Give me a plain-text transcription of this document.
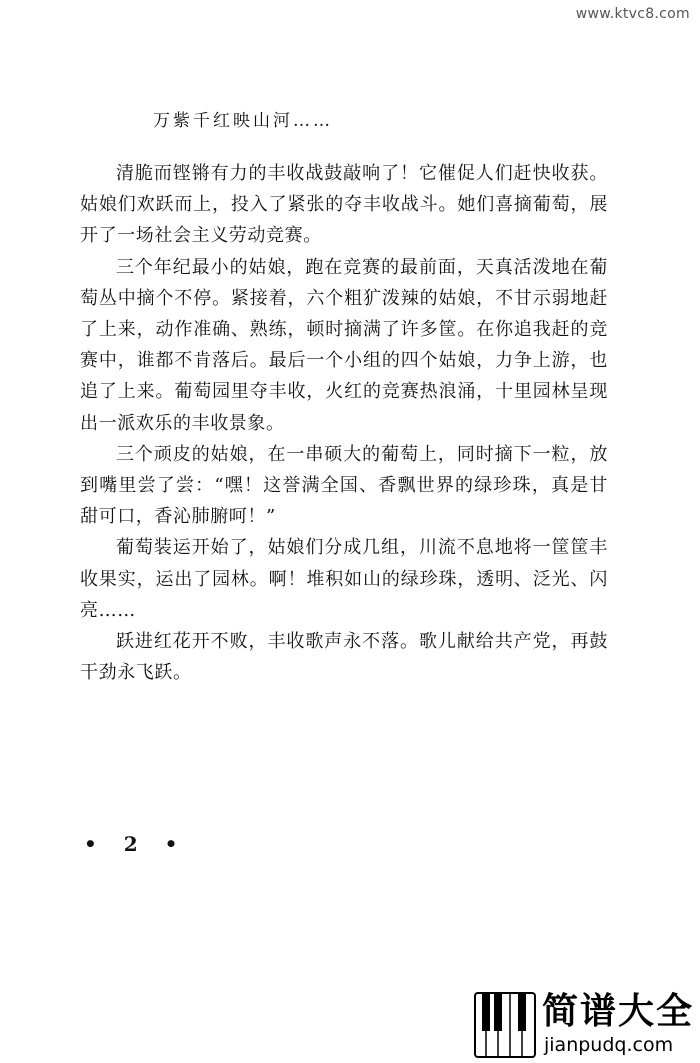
www.ktvc8.com
万紫千红映山河……

清脆而铿锵有力的丰收战鼓敲响了！它催促人们赶快收获。姑娘们欢跃而上，投入了紧张的夺丰收战斗。她们喜摘葡萄，展开了一场社会主义劳动竞赛。

三个年纪最小的姑娘，跑在竞赛的最前面，天真活泼地在葡萄丛中摘个不停。紧接着，六个粗犷泼辣的姑娘，不甘示弱地赶了上来，动作准确、熟练，顿时摘满了许多筐。在你追我赶的竞赛中，谁都不肯落后。最后一个小组的四个姑娘，力争上游，也追了上来。葡萄园里夺丰收，火红的竞赛热浪涌，十里园林呈现出一派欢乐的丰收景象。

三个顽皮的姑娘，在一串硕大的葡萄上，同时摘下一粒，放到嘴里尝了尝：“嘿！这誉满全国、香飘世界的绿珍珠，真是甘甜可口，香沁肺腑呵！”

葡萄装运开始了，姑娘们分成几组，川流不息地将一筐筐丰收果实，运出了园林。啊！堆积如山的绿珍珠，透明、泛光、闪亮……

跃进红花开不败，丰收歌声永不落。歌儿献给共产党，再鼓干劲永飞跃。

• 2 •
简谱大全
jianpudq.com
